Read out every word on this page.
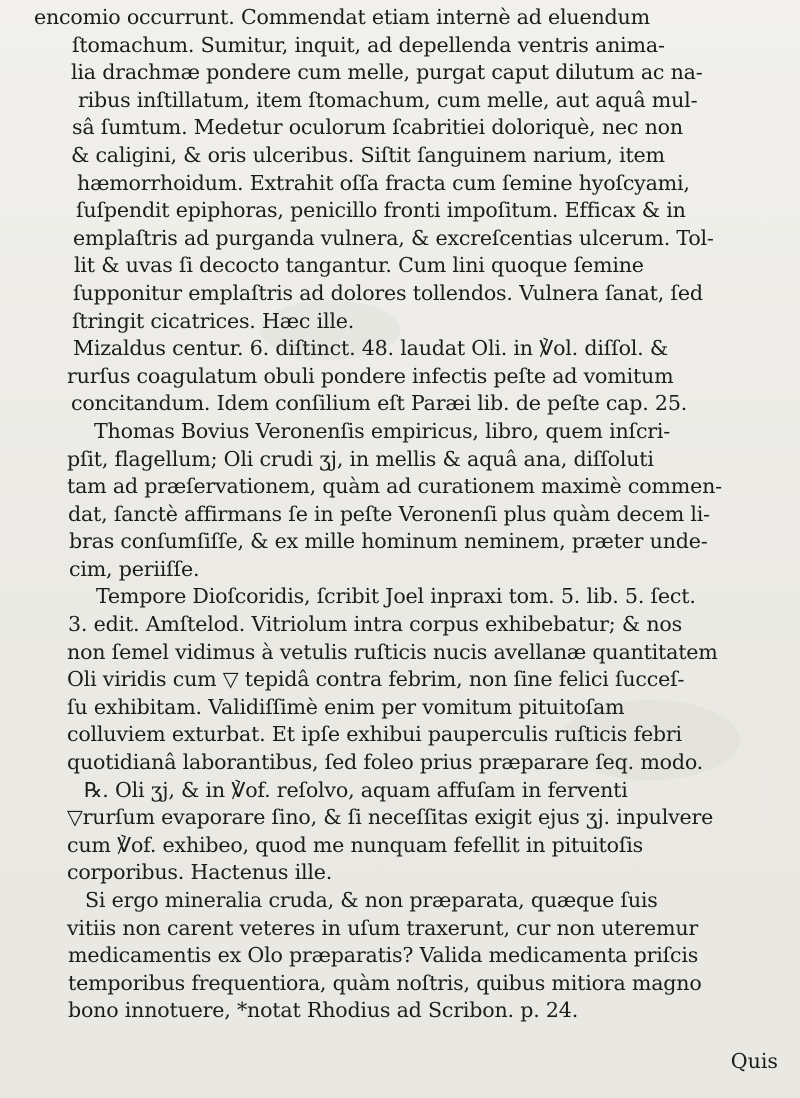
encomio occurrunt. Commendat etiam internè ad eluendum
ſtomachum. Sumitur, inquit, ad depellenda ventris anima-
lia drachmæ pondere cum melle, purgat caput dilutum ac na-
ribus inſtillatum, item ſtomachum, cum melle, aut aquâ mul-
sâ ſumtum. Medetur oculorum ſcabritiei doloriquè, nec non
& caligini, & oris ulceribus. Siſtit ſanguinem narium, item
hæmorrhoidum. Extrahit oſſa fracta cum ſemine hyoſcyami,
ſuſpendit epiphoras, penicillo fronti impoſitum. Efficax & in
emplaſtris ad purganda vulnera, & excreſcentias ulcerum. Tol-
lit & uvas ſi decocto tangantur. Cum lini quoque ſemine
ſupponitur emplaſtris ad dolores tollendos. Vulnera ſanat, ſed
ſtringit cicatrices. Hæc ille.
Mizaldus centur. 6. diſtinct. 48. laudat Oli. in ℣ol. diſſol. &
rurſus coagulatum obuli pondere infectis peſte ad vomitum
concitandum. Idem conſilium eſt Paræi lib. de peſte cap. 25.
Thomas Bovius Veronenſis empiricus, libro, quem inſcri-
pſit, flagellum; Oli crudi ʒj, in mellis & aquâ ana, diſſoluti
tam ad præſervationem, quàm ad curationem maximè commen-
dat, ſanctè affirmans ſe in peſte Veronenſi plus quàm decem li-
bras conſumſiſſe, & ex mille hominum neminem, præter unde-
cim, periiſſe.
Tempore Dioſcoridis, ſcribit Joel inpraxi tom. 5. lib. 5. ſect.
3. edit. Amſtelod. Vitriolum intra corpus exhibebatur; & nos
non ſemel vidimus à vetulis ruſticis nucis avellanæ quantitatem
Oli viridis cum ▽ tepidâ contra febrim, non ſine felici ſucceſ-
ſu exhibitam. Validiſſimè enim per vomitum pituitoſam
colluviem exturbat. Et ipſe exhibui pauperculis ruſticis febri
quotidianâ laborantibus, ſed foleo prius præparare ſeq. modo.
℞. Oli ʒj, & in ℣of. reſolvo, aquam affuſam in ferventi
▽rurſum evaporare ſino, & ſi neceſſitas exigit ejus ʒj. inpulvere
cum ℣of. exhibeo, quod me nunquam fefellit in pituitoſis
corporibus. Hactenus ille.
Si ergo mineralia cruda, & non præparata, quæque ſuis
vitiis non carent veteres in uſum traxerunt, cur non uteremur
medicamentis ex Olo præparatis? Valida medicamenta priſcis
temporibus frequentiora, quàm noſtris, quibus mitiora magno
bono innotuere, *notat Rhodius ad Scribon. p. 24.
Quis
